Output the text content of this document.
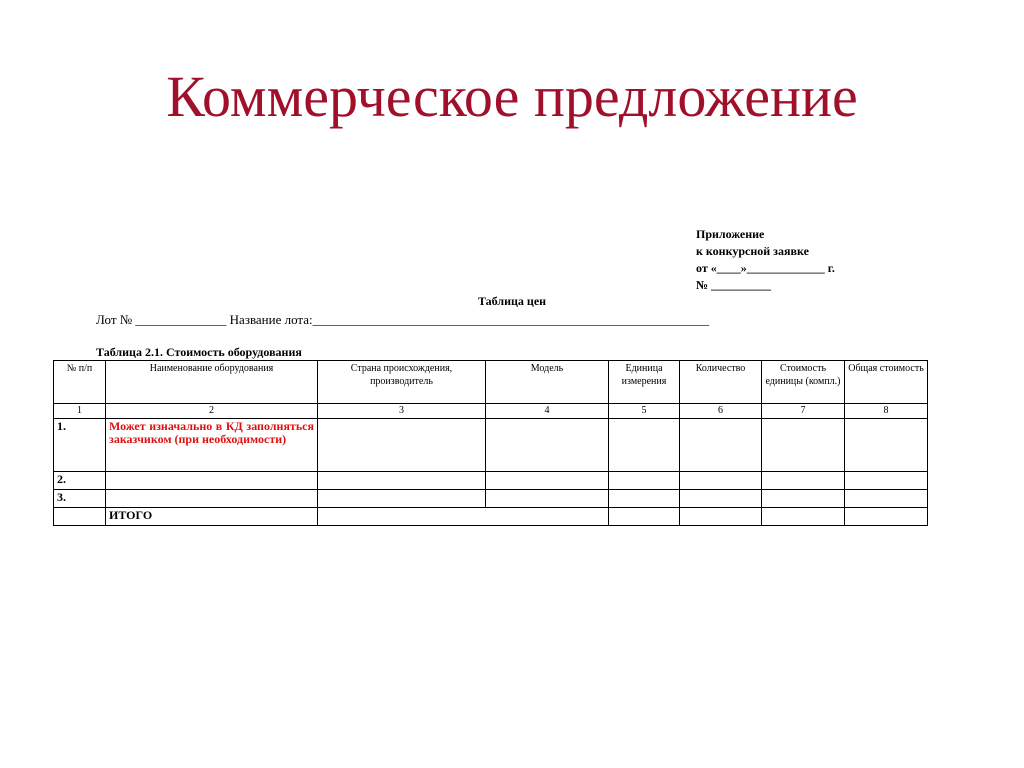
Коммерческое предложение
Приложение
к конкурсной заявке
от «____»_____________ г.
№ __________
Таблица цен
Лот № ______________ Название лота:_____________________________________________________________
Таблица 2.1. Стоимость оборудования
№ п/п	Наименование оборудования	Страна происхождения, производитель	Модель	Единица измерения	Количество	Стоимость единицы (компл.)	Общая стоимость
1	2	3	4	5	6	7	8
1.	Может изначально в КД заполняться заказчиком (при необходимости)						
2.							
3.							
	ИТОГО						
